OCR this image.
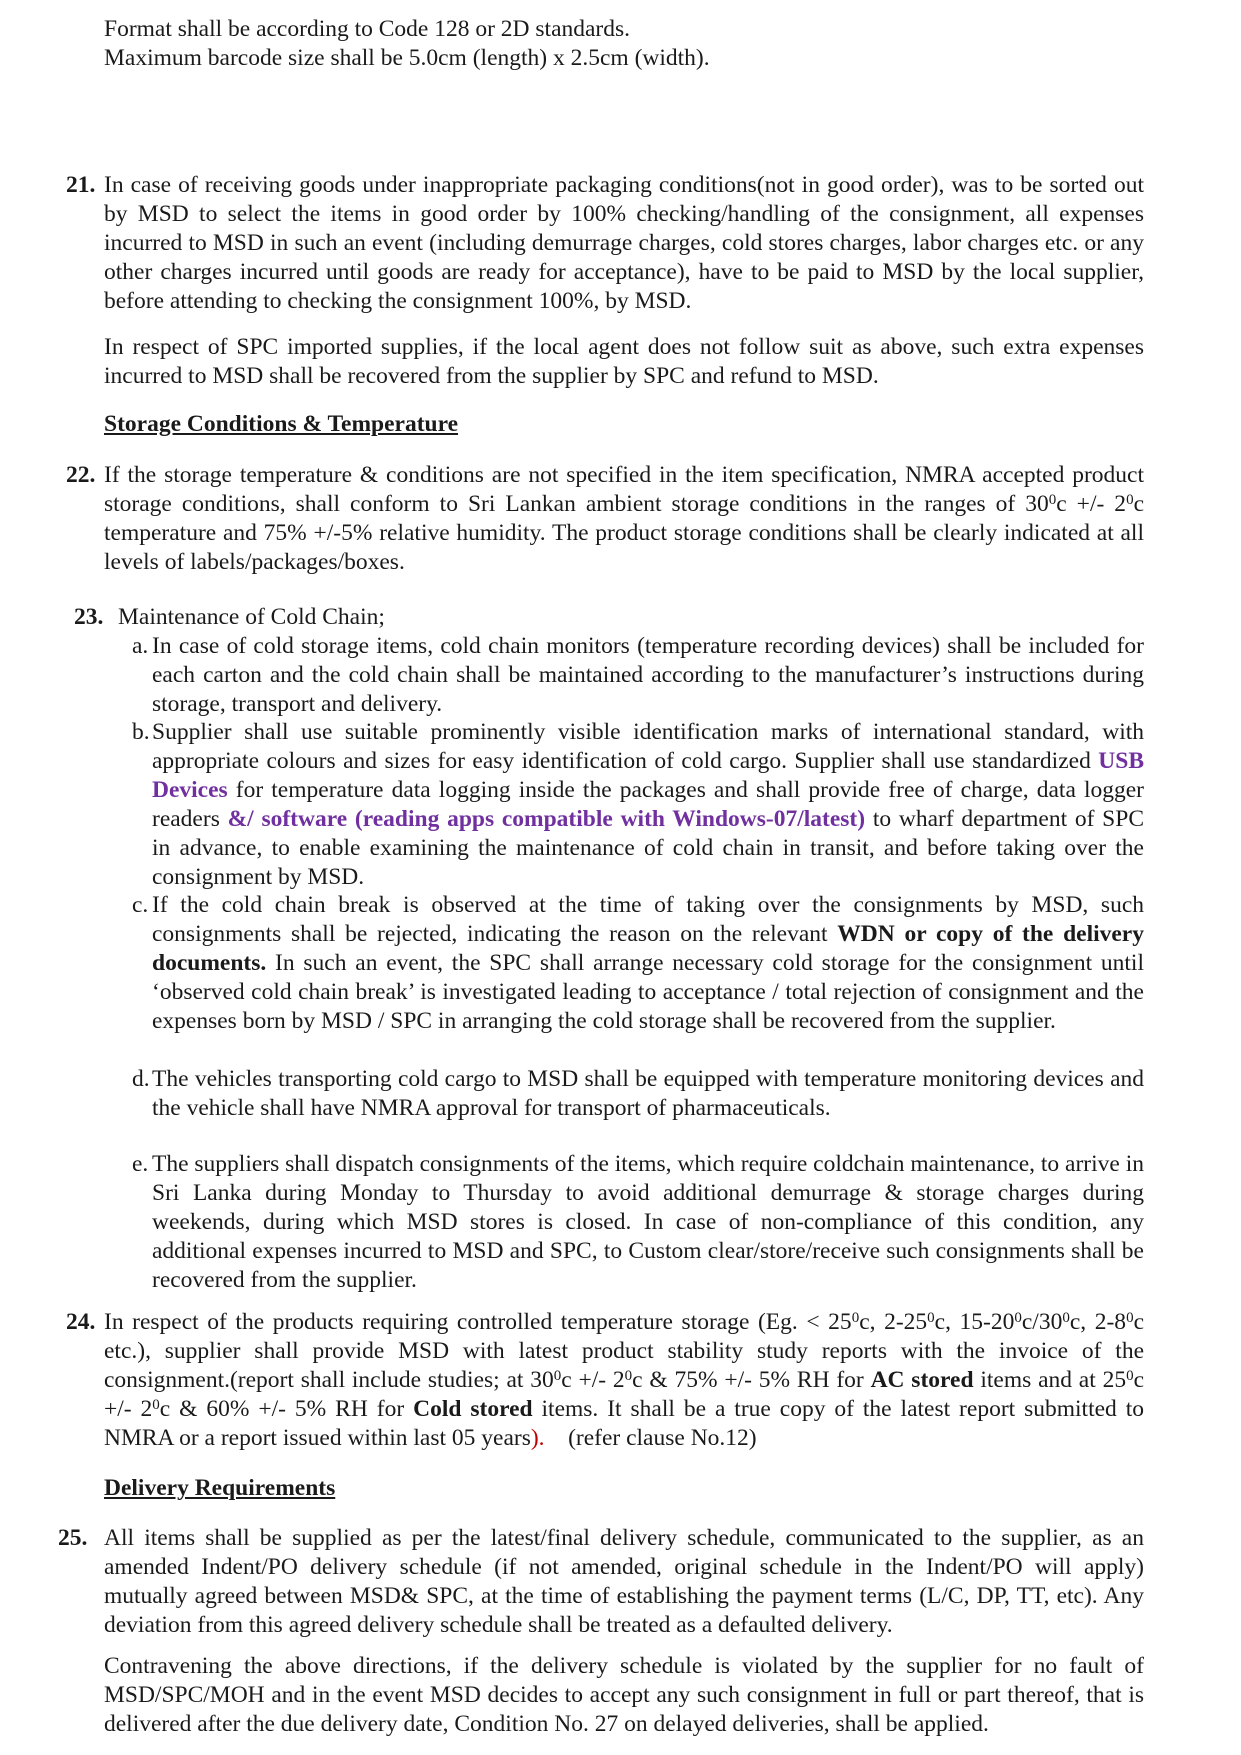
Format shall be according to Code 128 or 2D standards.
Maximum barcode size shall be 5.0cm (length) x 2.5cm (width).
21. In case of receiving goods under inappropriate packaging conditions(not in good order), was to be sorted out by MSD to select the items in good order by 100% checking/handling of the consignment, all expenses incurred to MSD in such an event (including demurrage charges, cold stores charges, labor charges etc. or any other charges incurred until goods are ready for acceptance), have to be paid to MSD by the local supplier, before attending to checking the consignment 100%, by MSD.

In respect of SPC imported supplies, if the local agent does not follow suit as above, such extra expenses incurred to MSD shall be recovered from the supplier by SPC and refund to MSD.

Storage Conditions & Temperature
22. If the storage temperature & conditions are not specified in the item specification, NMRA accepted product storage conditions, shall conform to Sri Lankan ambient storage conditions in the ranges of $30^0c$ +/- $2^0c$ temperature and 75% +/-5% relative humidity. The product storage conditions shall be clearly indicated at all levels of labels/packages/boxes.

23. Maintenance of Cold Chain;
a. In case of cold storage items, cold chain monitors (temperature recording devices) shall be included for each carton and the cold chain shall be maintained according to the manufacturer’s instructions during storage, transport and delivery.
b. Supplier shall use suitable prominently visible identification marks of international standard, with appropriate colours and sizes for easy identification of cold cargo. Supplier shall use standardized USB Devices for temperature data logging inside the packages and shall provide free of charge, data logger readers &/ software (reading apps compatible with Windows-07/latest) to wharf department of SPC in advance, to enable examining the maintenance of cold chain in transit, and before taking over the consignment by MSD.
c. If the cold chain break is observed at the time of taking over the consignments by MSD, such consignments shall be rejected, indicating the reason on the relevant WDN or copy of the delivery documents. In such an event, the SPC shall arrange necessary cold storage for the consignment until ‘observed cold chain break’ is investigated leading to acceptance / total rejection of consignment and the expenses born by MSD / SPC in arranging the cold storage shall be recovered from the supplier.
d. The vehicles transporting cold cargo to MSD shall be equipped with temperature monitoring devices and the vehicle shall have NMRA approval for transport of pharmaceuticals.
e. The suppliers shall dispatch consignments of the items, which require coldchain maintenance, to arrive in Sri Lanka during Monday to Thursday to avoid additional demurrage & storage charges during weekends, during which MSD stores is closed. In case of non-compliance of this condition, any additional expenses incurred to MSD and SPC, to Custom clear/store/receive such consignments shall be recovered from the supplier.
24. In respect of the products requiring controlled temperature storage (Eg. < $25^0c$, $2-25^0c$, $15-20^0c/30^0c$, $2-8^0c$ etc.), supplier shall provide MSD with latest product stability study reports with the invoice of the consignment.(report shall include studies; at $30^0c$ +/- $2^0c$ & 75% +/- 5% RH for AC stored items and at $25^0c$ +/- $2^0c$ & 60% +/- 5% RH for Cold stored items. It shall be a true copy of the latest report submitted to NMRA or a report issued within last 05 years).    (refer clause No.12)

Delivery Requirements
25. All items shall be supplied as per the latest/final delivery schedule, communicated to the supplier, as an amended Indent/PO delivery schedule (if not amended, original schedule in the Indent/PO will apply) mutually agreed between MSD& SPC, at the time of establishing the payment terms (L/C, DP, TT, etc). Any deviation from this agreed delivery schedule shall be treated as a defaulted delivery.

Contravening the above directions, if the delivery schedule is violated by the supplier for no fault of MSD/SPC/MOH and in the event MSD decides to accept any such consignment in full or part thereof, that is delivered after the due delivery date, Condition No. 27 on delayed deliveries, shall be applied.
